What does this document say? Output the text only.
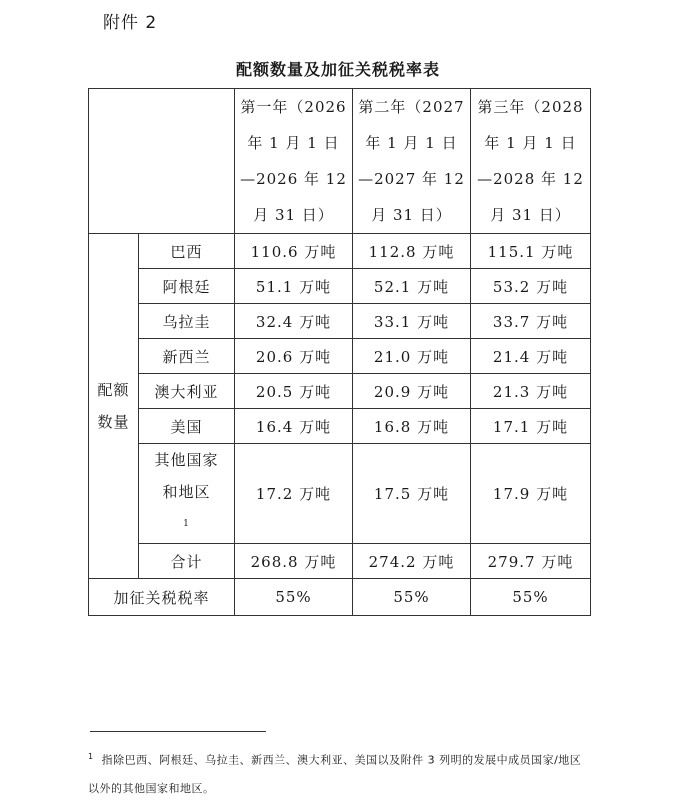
附件 2
配额数量及加征关税税率表

		第一年（2026
年 1 月 1 日
—2026 年 12
月 31 日）	第二年（2027
年 1 月 1 日
—2027 年 12
月 31 日）	第三年（2028
年 1 月 1 日
—2028 年 12
月 31 日）

配额
数量	巴西	110.6 万吨	112.8 万吨	115.1 万吨
	阿根廷	51.1 万吨	52.1 万吨	53.2 万吨
	乌拉圭	32.4 万吨	33.1 万吨	33.7 万吨
	新西兰	20.6 万吨	21.0 万吨	21.4 万吨
	澳大利亚	20.5 万吨	20.9 万吨	21.3 万吨
	美国	16.4 万吨	16.8 万吨	17.1 万吨

	其他国家
和地区
$^1$	17.2 万吨	17.5 万吨	17.9 万吨
	合计	268.8 万吨	274.2 万吨	279.7 万吨
加征关税税率		55%	55%	55%
$^1$ 指除巴西、阿根廷、乌拉圭、新西兰、澳大利亚、美国以及附件 3 列明的发展中成员国家/地区以外的其他国家和地区。
